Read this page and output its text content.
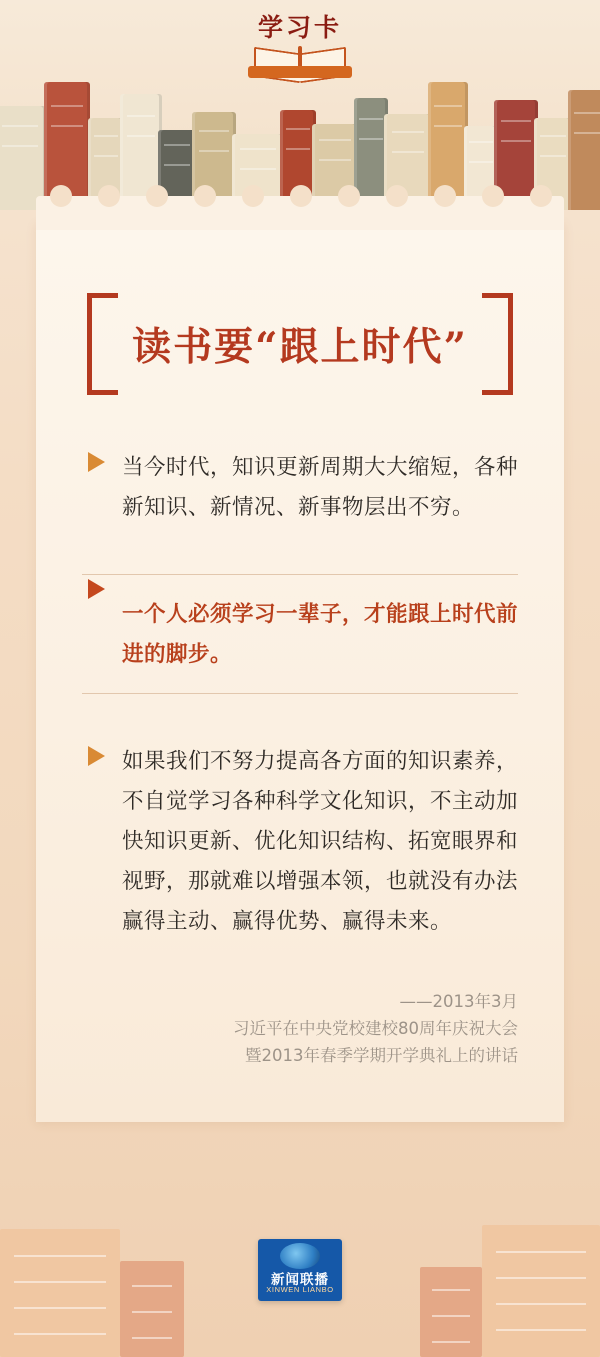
学习卡
读书要“跟上时代”

当今时代，知识更新周期大大缩短，各种新知识、新情况、新事物层出不穷。

一个人必须学习一辈子，才能跟上时代前进的脚步。

如果我们不努力提高各方面的知识素养，不自觉学习各种科学文化知识，不主动加快知识更新、优化知识结构、拓宽眼界和视野，那就难以增强本领，也就没有办法赢得主动、赢得优势、赢得未来。

——2013年3月
习近平在中央党校建校80周年庆祝大会
暨2013年春季学期开学典礼上的讲话
新闻联播
XINWEN LIANBO
